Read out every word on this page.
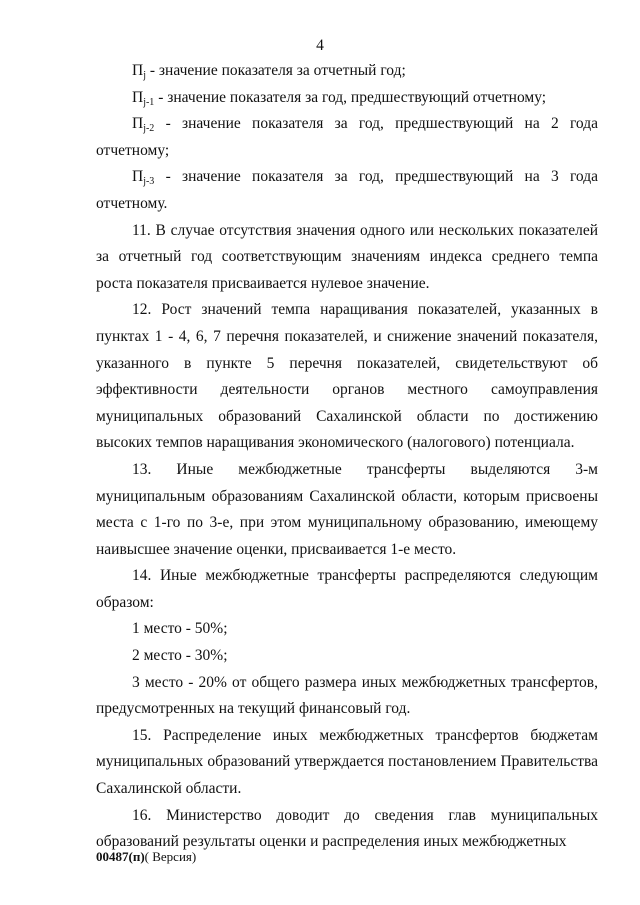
4

$П_j$ - значение показателя за отчетный год;

$П_{j-1}$ - значение показателя за год, предшествующий отчетному;

$П_{j-2}$ - значение показателя за год, предшествующий на 2 года отчетному;

$П_{j-3}$ - значение показателя за год, предшествующий на 3 года отчетному.

11. В случае отсутствия значения одного или нескольких показателей за отчетный год соответствующим значениям индекса среднего темпа роста показателя присваивается нулевое значение.

12. Рост значений темпа наращивания показателей, указанных в пунктах 1 - 4, 6, 7 перечня показателей, и снижение значений показателя, указанного в пункте 5 перечня показателей, свидетельствуют об эффективности деятельности органов местного самоуправления муниципальных образований Сахалинской области по достижению высоких темпов наращивания экономического (налогового) потенциала.

13. Иные межбюджетные трансферты выделяются 3-м муниципальным образованиям Сахалинской области, которым присвоены места с 1-го по 3-е, при этом муниципальному образованию, имеющему наивысшее значение оценки, присваивается 1-е место.

14. Иные межбюджетные трансферты распределяются следующим образом:

1 место - 50%;

2 место - 30%;

3 место - 20% от общего размера иных межбюджетных трансфертов, предусмотренных на текущий финансовый год.

15. Распределение иных межбюджетных трансфертов бюджетам муниципальных образований утверждается постановлением Правительства Сахалинской области.

16. Министерство доводит до сведения глав муниципальных образований результаты оценки и распределения иных межбюджетных

00487(п)( Версия)
